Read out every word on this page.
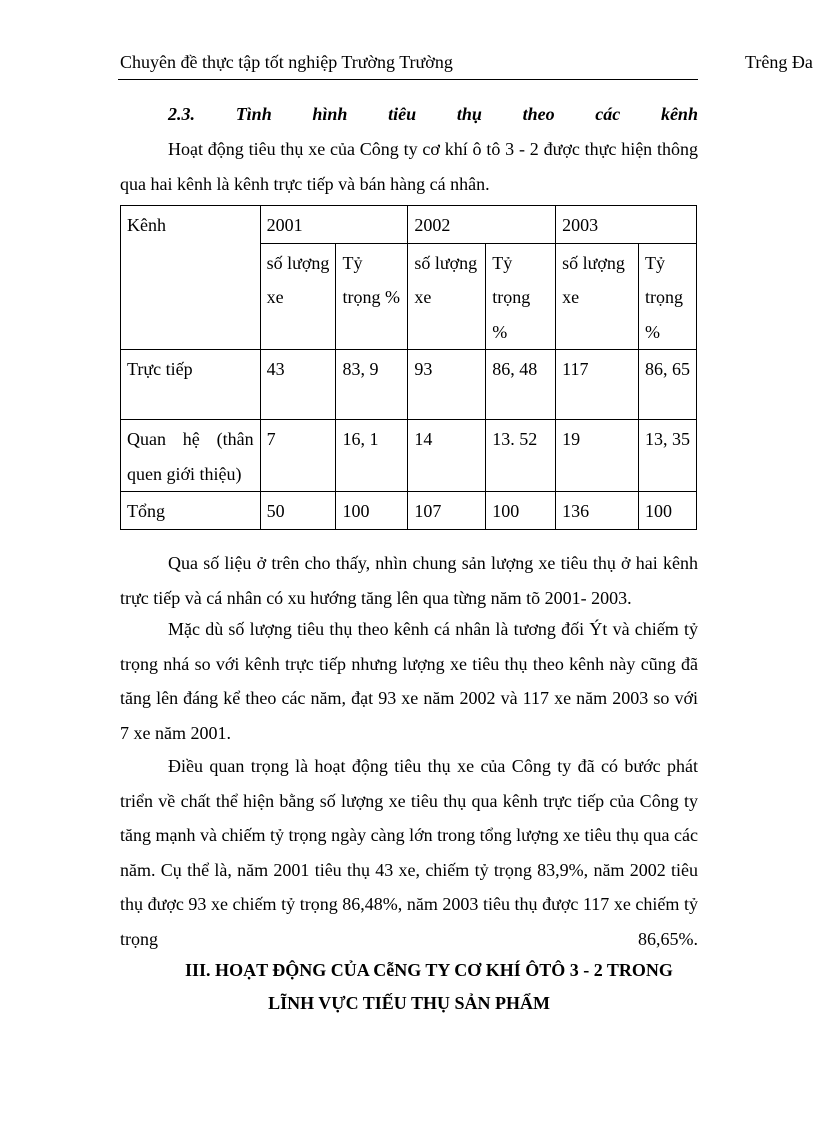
Chuyên đề thực tập tốt nghiệp Trường Trường	Trêng Đa
2.3. Tình hình tiêu thụ theo các kênh

Hoạt động tiêu thụ xe của Công ty cơ khí ô tô 3 - 2 được thực hiện thông qua hai kênh là kênh trực tiếp và bán hàng cá nhân.

Kênh	2001		2002		2003	
	số lượng xe	Tỷ trọng %	số lượng xe	Tỷ trọng %	số lượng xe	Tỷ trọng %
Trực tiếp	43	83, 9	93	86, 48	117	86, 65
Quan hệ (thân quen giới thiệu)	7	16, 1	14	13. 52	19	13, 35
Tổng	50	100	107	100	136	100

Qua số liệu ở trên cho thấy, nhìn chung sản lượng xe tiêu thụ ở hai kênh trực tiếp và cá nhân có xu hướng tăng lên qua từng năm tõ 2001- 2003.

Mặc dù số lượng tiêu thụ theo kênh cá nhân là tương đối Ýt và chiếm tỷ trọng nhá so với kênh trực tiếp nhưng lượng xe tiêu thụ theo kênh này cũng đã tăng lên đáng kể theo các năm, đạt 93 xe năm 2002 và 117 xe năm 2003 so với 7 xe năm 2001.

Điều quan trọng là hoạt động tiêu thụ xe của Công ty đã có bước phát triển về chất thể hiện bằng số lượng xe tiêu thụ qua kênh trực tiếp của Công ty tăng mạnh và chiếm tỷ trọng ngày càng lớn trong tổng lượng xe tiêu thụ qua các năm. Cụ thể là, năm 2001 tiêu thụ 43 xe, chiếm tỷ trọng 83,9%, năm 2002 tiêu thụ được 93 xe chiếm tỷ trọng 86,48%, năm 2003 tiêu thụ được 117 xe chiếm tỷ trọng 86,65%.

III. HOẠT ĐỘNG CỦA CễNG TY CƠ KHÍ ÔTÔ 3 - 2 TRONG

LĨNH VỰC TIẾU THỤ SẢN PHẨM
